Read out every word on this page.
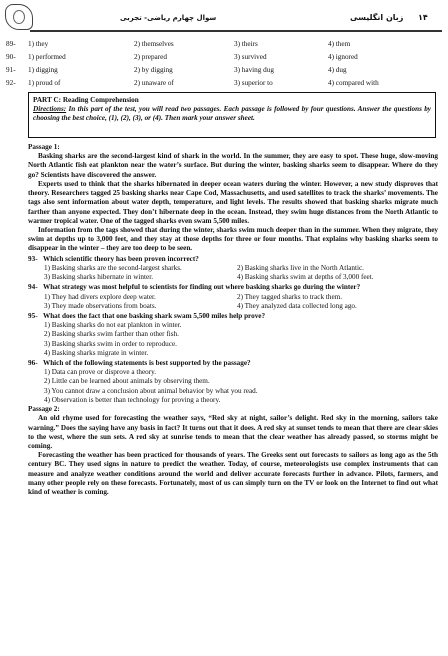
سوال چهارم ریاضی- تجربی	زبان انگلیسی ۱۴
89- 1) they	2) themselves	3) theirs	4) them
90- 1) performed	2) prepared	3) survived	4) ignored
91- 1) digging	2) by digging	3) having dug	4) dug
92- 1) proud of	2) unaware of	3) superior to	4) compared with
PART C: Reading Comprehension
Directions: In this part of the test, you will read two passages. Each passage is followed by four questions. Answer the questions by choosing the best choice, (1), (2), (3), or (4). Then mark your answer sheet.
Passage 1:

Basking sharks are the second-largest kind of shark in the world. In the summer, they are easy to spot. These huge, slow-moving North Atlantic fish eat plankton near the water’s surface. But during the winter, basking sharks seem to disappear. Where do they go? Scientists have discovered the answer.

Experts used to think that the sharks hibernated in deeper ocean waters during the winter. However, a new study disproves that theory. Researchers tagged 25 basking sharks near Cape Cod, Massachusetts, and used satellites to track the sharks’ movements. The tags also sent information about water depth, temperature, and light levels. The results showed that basking sharks migrate much farther than anyone expected. They don’t hibernate deep in the ocean. Instead, they swim huge distances from the North Atlantic to warmer tropical water. One of the tagged sharks even swam 5,500 miles.

Information from the tags showed that during the winter, sharks swim much deeper than in the summer. When they migrate, they swim at depths up to 3,000 feet, and they stay at those depths for three or four months. That explains why basking sharks seem to disappear in the winter – they are too deep to be seen.

93- Which scientific theory has been proven incorrect?
1) Basking sharks are the second-largest sharks.	2) Basking sharks live in the North Atlantic.
3) Basking sharks hibernate in winter.	4) Basking sharks swim at depths of 3,000 feet.
94- What strategy was most helpful to scientists for finding out where basking sharks go during the winter?
1) They had divers explore deep water.	2) They tagged sharks to track them.
3) They made observations from boats.	4) They analyzed data collected long ago.
95- What does the fact that one basking shark swam 5,500 miles help prove?
1) Basking sharks do not eat plankton in winter.
2) Basking sharks swim farther than other fish.
3) Basking sharks swim in order to reproduce.
4) Basking sharks migrate in winter.
96- Which of the following statements is best supported by the passage?
1) Data can prove or disprove a theory.
2) Little can be learned about animals by observing them.
3) You cannot draw a conclusion about animal behavior by what you read.
4) Observation is better than technology for proving a theory.
Passage 2:

An old rhyme used for forecasting the weather says, “Red sky at night, sailor’s delight. Red sky in the morning, sailors take warning.” Does the saying have any basis in fact? It turns out that it does. A red sky at sunset tends to mean that there are clear skies to the west, where the sun sets. A red sky at sunrise tends to mean that the clear weather has already passed, so storms might be coming.

Forecasting the weather has been practiced for thousands of years. The Greeks sent out forecasts to sailors as long ago as the 5th century BC. They used signs in nature to predict the weather. Today, of course, meteorologists use complex instruments that can measure and analyze weather conditions around the world and deliver accurate forecasts further in advance. Pilots, farmers, and many other people rely on these forecasts. Fortunately, most of us can simply turn on the TV or look on the Internet to find out what kind of weather is coming.
